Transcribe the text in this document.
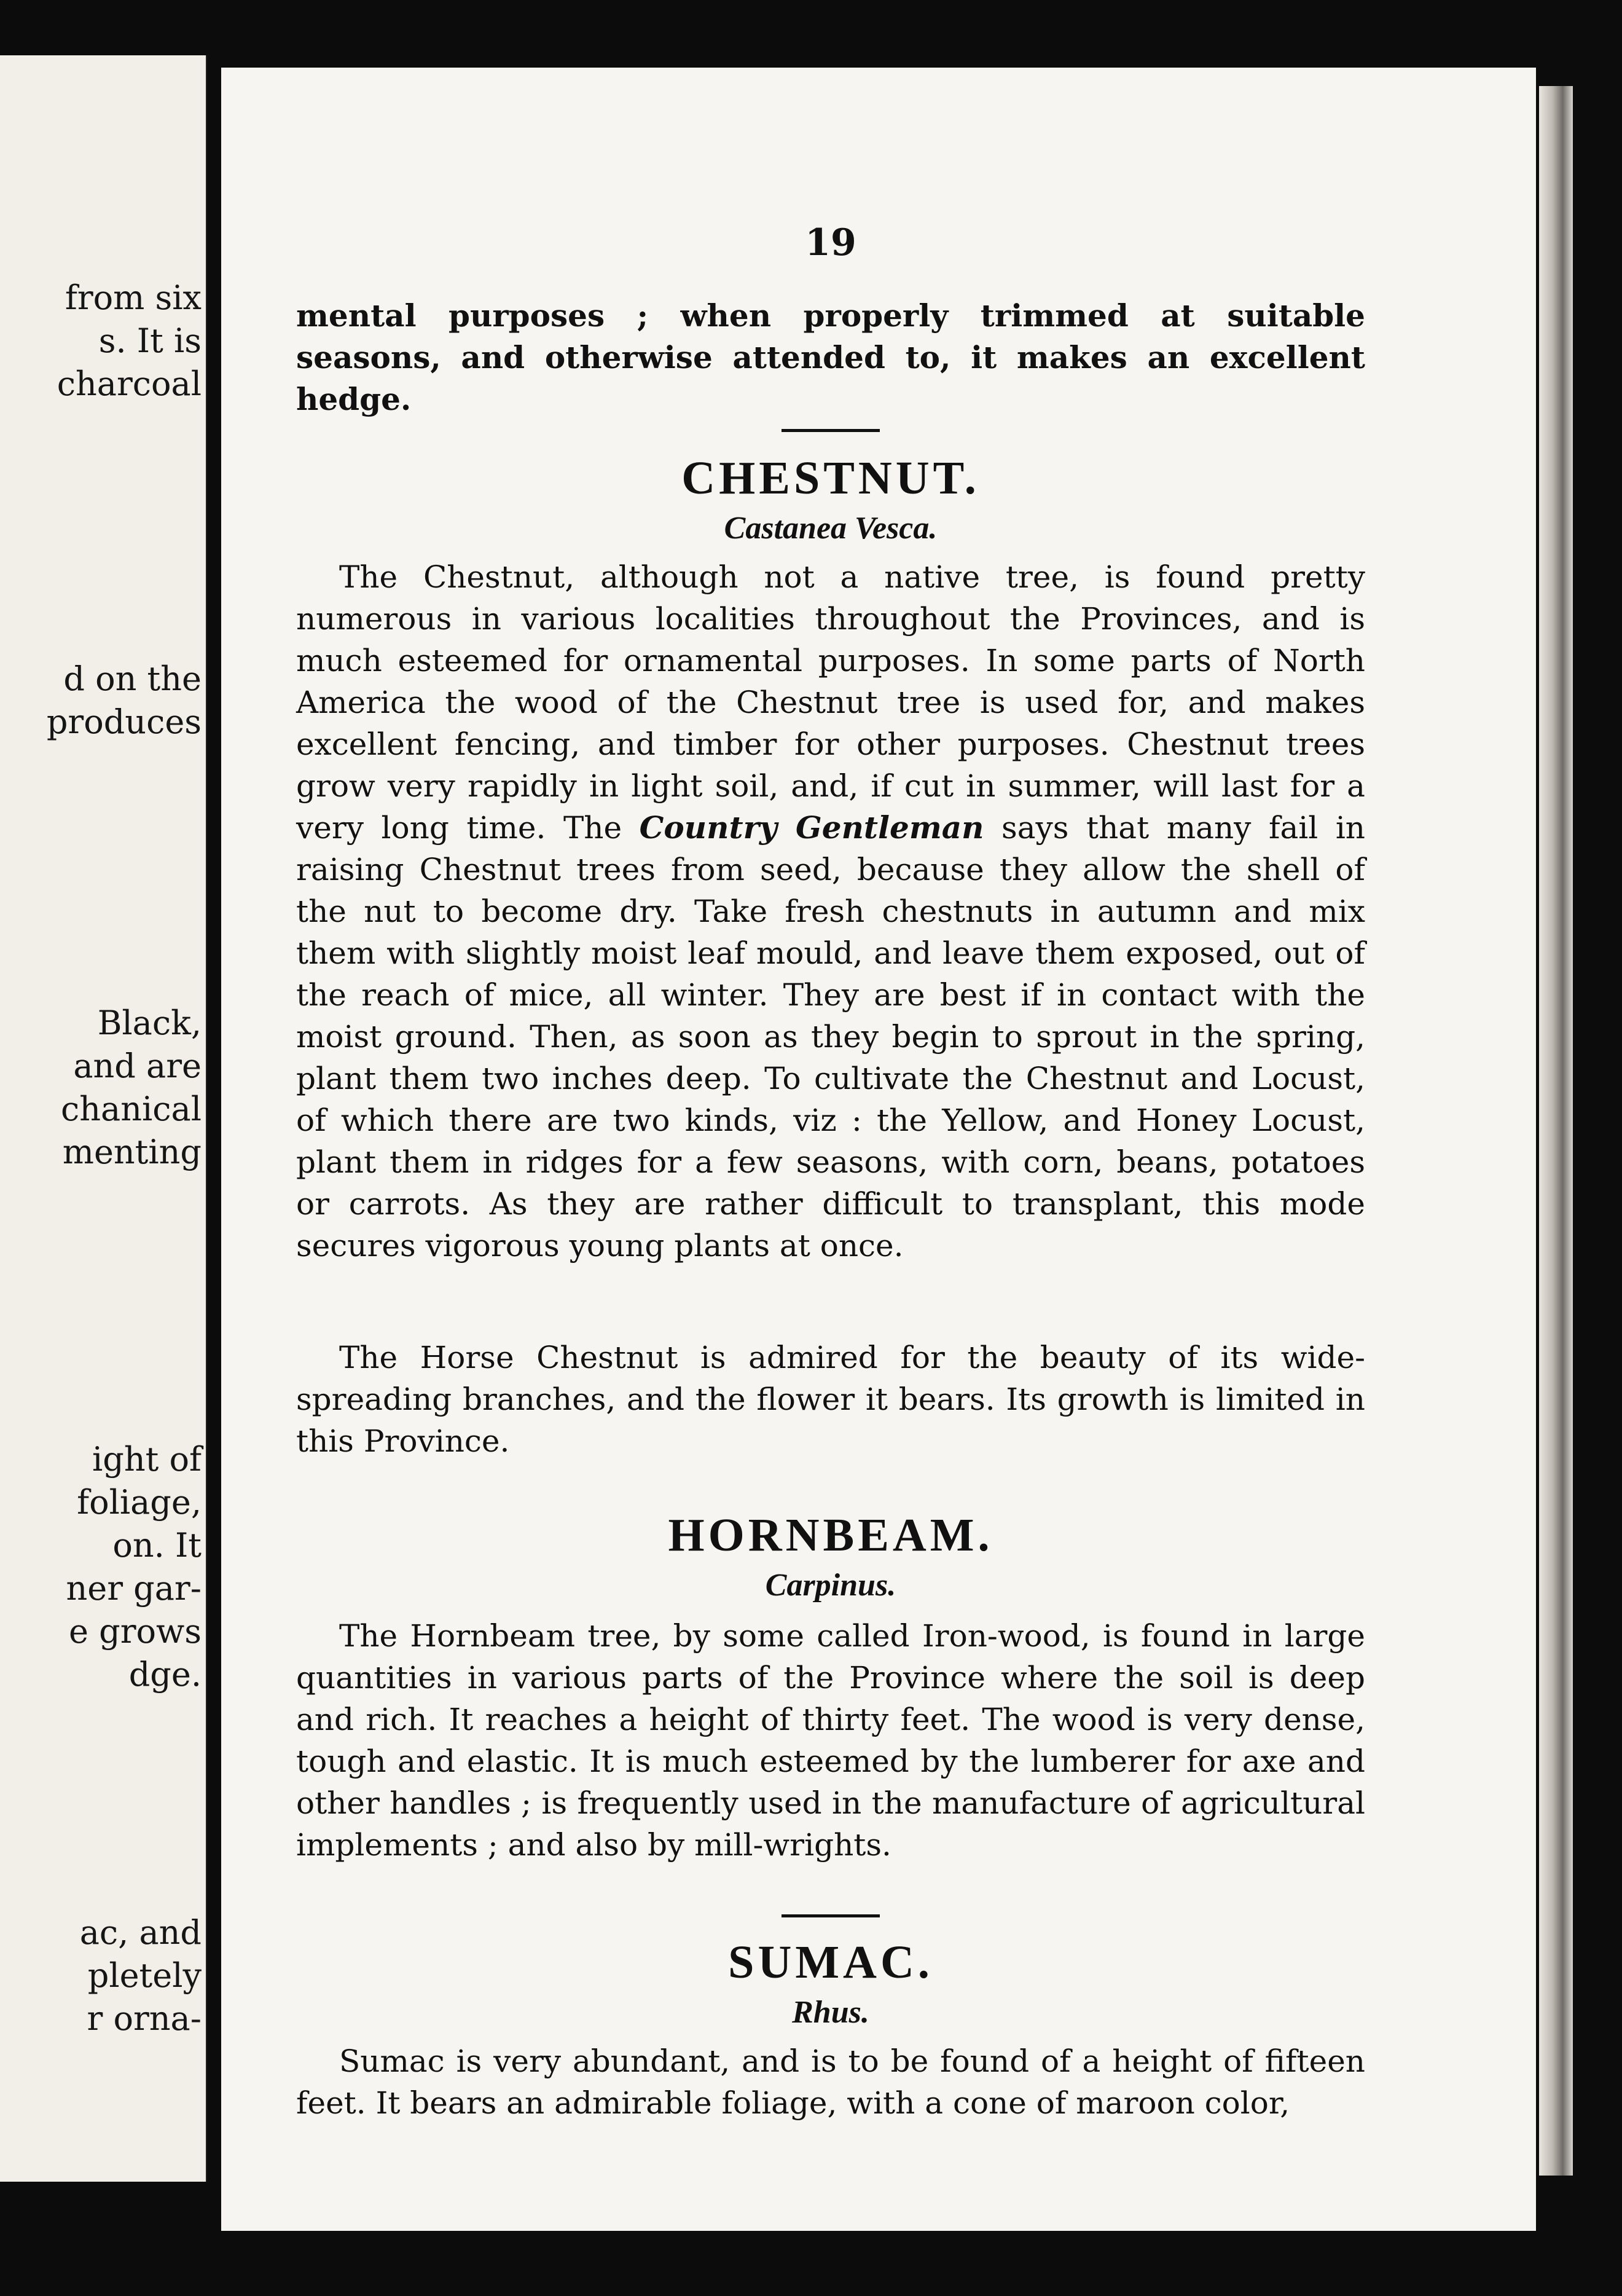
from six
s. It is
charcoal
d on the
produces
Black,
and are
chanical
menting
ight of
foliage,
on. It
ner gar-
e grows
dge.
ac, and
pletely
r orna-
19
mental purposes ; when properly trimmed at suitable seasons, and otherwise attended to, it makes an excellent hedge.
CHESTNUT.
Castanea Vesca.
The Chestnut, although not a native tree, is found pretty numerous in various localities throughout the Provinces, and is much esteemed for ornamental purposes. In some parts of North America the wood of the Chestnut tree is used for, and makes excellent fencing, and timber for other purposes. Chestnut trees grow very rapidly in light soil, and, if cut in summer, will last for a very long time. The Country Gentleman says that many fail in raising Chestnut trees from seed, because they allow the shell of the nut to become dry. Take fresh chestnuts in autumn and mix them with slightly moist leaf mould, and leave them exposed, out of the reach of mice, all winter. They are best if in contact with the moist ground. Then, as soon as they begin to sprout in the spring, plant them two inches deep. To cultivate the Chestnut and Locust, of which there are two kinds, viz : the Yellow, and Honey Locust, plant them in ridges for a few seasons, with corn, beans, potatoes or carrots. As they are rather difficult to transplant, this mode secures vigorous young plants at once.
The Horse Chestnut is admired for the beauty of its wide-spreading branches, and the flower it bears. Its growth is limited in this Province.
HORNBEAM.
Carpinus.
The Hornbeam tree, by some called Iron-wood, is found in large quantities in various parts of the Province where the soil is deep and rich. It reaches a height of thirty feet. The wood is very dense, tough and elastic. It is much esteemed by the lumberer for axe and other handles ; is frequently used in the manufacture of agricultural implements ; and also by mill-wrights.
SUMAC.
Rhus.
Sumac is very abundant, and is to be found of a height of fifteen feet. It bears an admirable foliage, with a cone of maroon color,
